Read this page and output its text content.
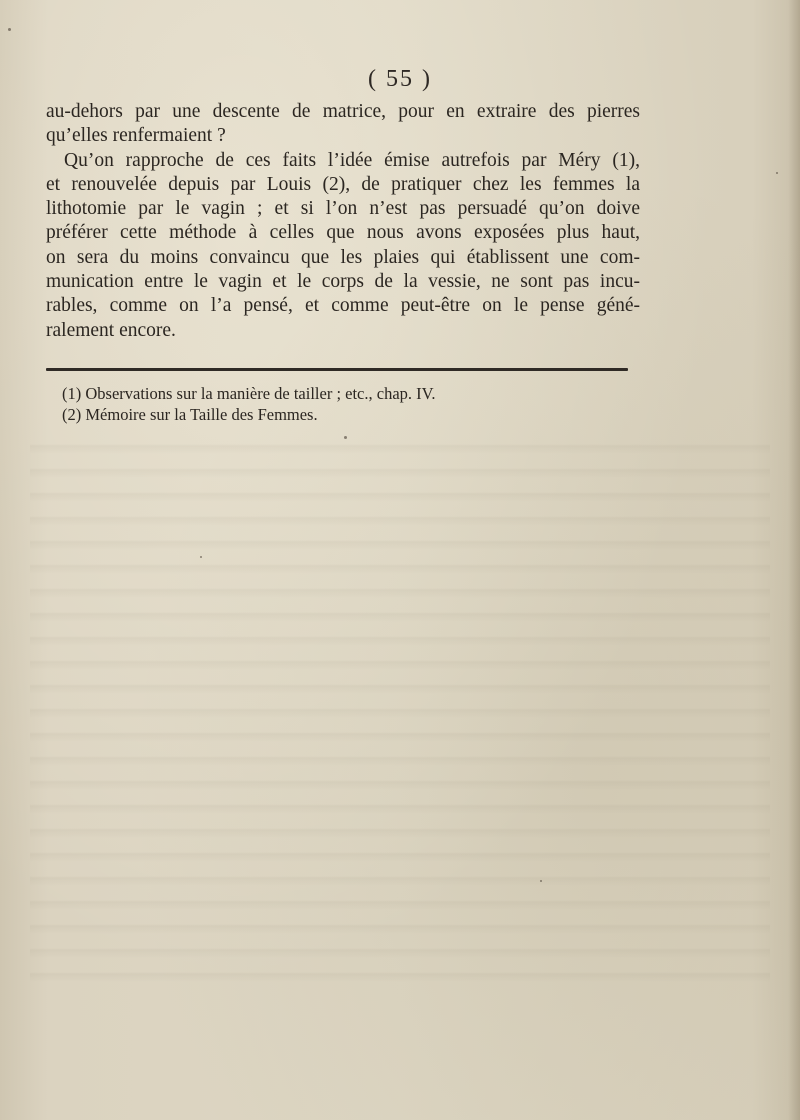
( 55 )
au-dehors par une descente de matrice, pour en extraire des pierres
qu’elles renfermaient ?
Qu’on rapproche de ces faits l’idée émise autrefois par Méry (1),
et renouvelée depuis par Louis (2), de pratiquer chez les femmes la
lithotomie par le vagin ; et si l’on n’est pas persuadé qu’on doive
préférer cette méthode à celles que nous avons exposées plus haut,
on sera du moins convaincu que les plaies qui établissent une com-
munication entre le vagin et le corps de la vessie, ne sont pas incu-
rables, comme on l’a pensé, et comme peut-être on le pense géné-
ralement encore.
(1) Observations sur la manière de tailler ; etc., chap. IV.
(2) Mémoire sur la Taille des Femmes.
